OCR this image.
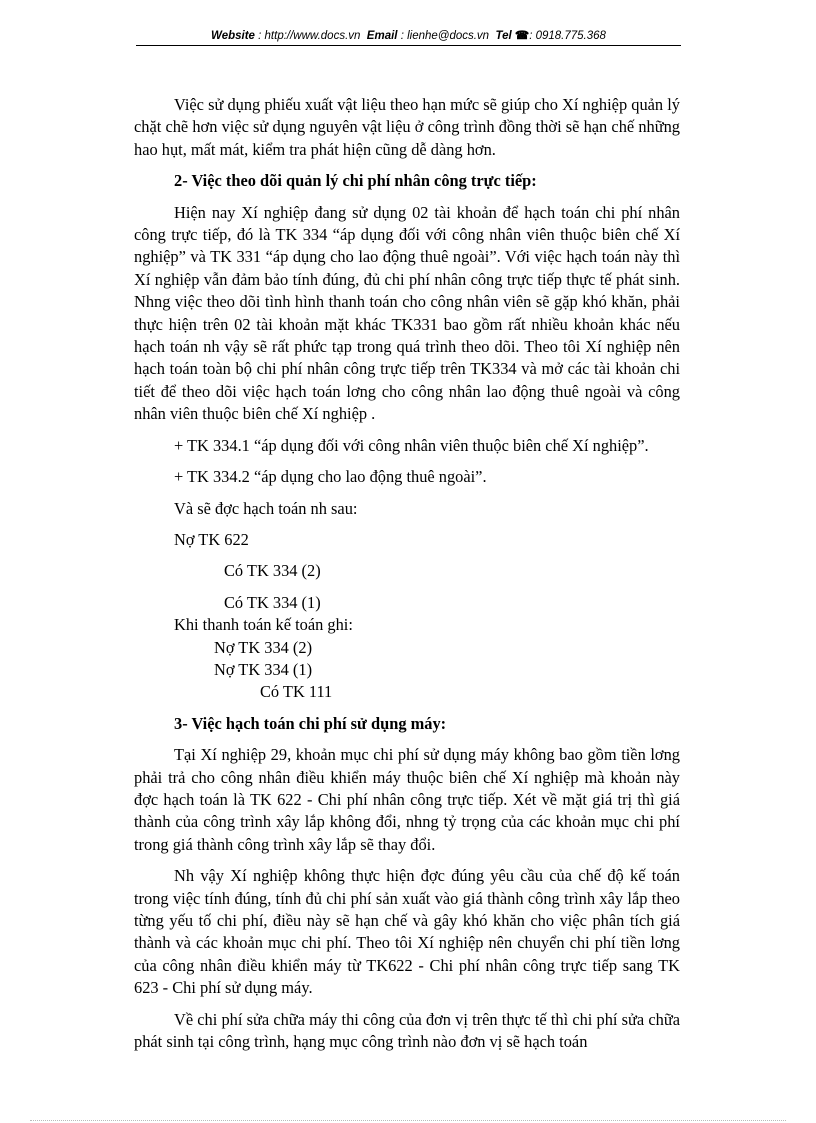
Website : http://www.docs.vn Email : lienhe@docs.vn Tel ☎: 0918.775.368

Việc sử dụng phiếu xuất vật liệu theo hạn mức sẽ giúp cho Xí nghiệp quản lý chặt chẽ hơn việc sử dụng nguyên vật liệu ở công trình đồng thời sẽ hạn chế những hao hụt, mất mát, kiểm tra phát hiện cũng dễ dàng hơn.

2- Việc theo dõi quản lý chi phí nhân công trực tiếp:

Hiện nay Xí nghiệp đang sử dụng 02 tài khoản để hạch toán chi phí nhân công trực tiếp, đó là TK 334 “áp dụng đối với công nhân viên thuộc biên chế Xí nghiệp” và TK 331 “áp dụng cho lao động thuê ngoài”. Với việc hạch toán này thì Xí nghiệp vẫn đảm bảo tính đúng, đủ chi phí nhân công trực tiếp thực tế phát sinh. Nhng việc theo dõi tình hình thanh toán cho công nhân viên sẽ gặp khó khăn, phải thực hiện trên 02 tài khoản mặt khác TK331 bao gồm rất nhiều khoản khác nếu hạch toán nh vậy sẽ rất phức tạp trong quá trình theo dõi. Theo tôi Xí nghiệp nên hạch toán toàn bộ chi phí nhân công trực tiếp trên TK334 và mở các tài khoản chi tiết để theo dõi việc hạch toán lơng cho công nhân lao động thuê ngoài và công nhân viên thuộc biên chế Xí nghiệp .

+ TK 334.1 “áp dụng đối với công nhân viên thuộc biên chế Xí nghiệp”.

+ TK 334.2 “áp dụng cho lao động thuê ngoài”.

Và sẽ đợc hạch toán nh sau:

Nợ TK 622

Có TK 334 (2)

Có TK 334 (1)

Khi thanh toán kế toán ghi:

Nợ TK 334 (2)

Nợ TK 334 (1)

Có TK 111

3- Việc hạch toán chi phí sử dụng máy:

Tại Xí nghiệp 29, khoản mục chi phí sử dụng máy không bao gồm tiền lơng phải trả cho công nhân điều khiển máy thuộc biên chế Xí nghiệp mà khoản này đợc hạch toán là TK 622 - Chi phí nhân công trực tiếp. Xét về mặt giá trị thì giá thành của công trình xây lắp không đổi, nhng tỷ trọng của các khoản mục chi phí trong giá thành công trình xây lắp sẽ thay đổi.

Nh vậy Xí nghiệp không thực hiện đợc đúng yêu cầu của chế độ kế toán trong việc tính đúng, tính đủ chi phí sản xuất vào giá thành công trình xây lắp theo từng yếu tố chi phí, điều này sẽ hạn chế và gây khó khăn cho việc phân tích giá thành và các khoản mục chi phí. Theo tôi Xí nghiệp nên chuyển chi phí tiền lơng của công nhân điều khiển máy từ TK622 - Chi phí nhân công trực tiếp sang TK 623 - Chi phí sử dụng máy.

Về chi phí sửa chữa máy thi công của đơn vị trên thực tế thì chi phí sửa chữa phát sinh tại công trình, hạng mục công trình nào đơn vị sẽ hạch toán
